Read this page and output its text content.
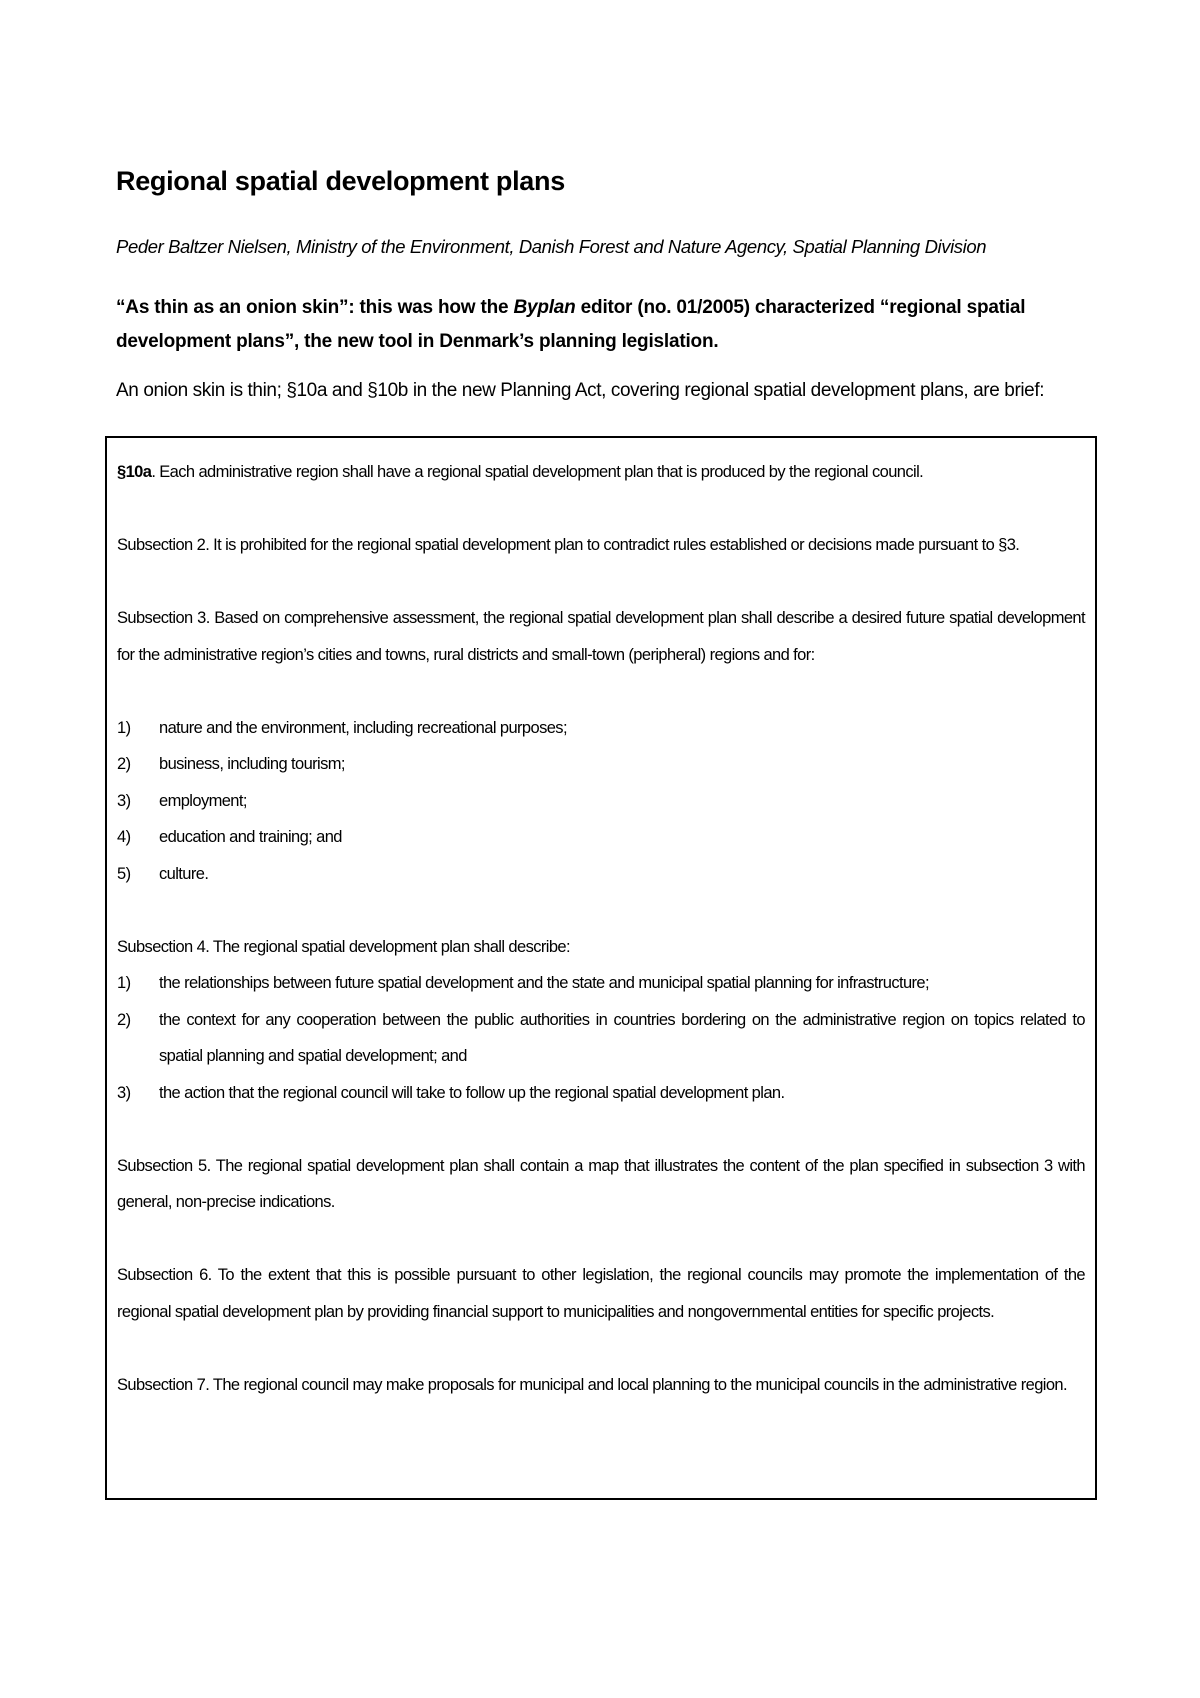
Regional spatial development plans

Peder Baltzer Nielsen, Ministry of the Environment, Danish Forest and Nature Agency, Spatial Planning Division

“As thin as an onion skin”: this was how the Byplan editor (no. 01/2005) characterized “regional spatial development plans”, the new tool in Denmark’s planning legislation.

An onion skin is thin; §10a and §10b in the new Planning Act, covering regional spatial development plans, are brief:

§10a. Each administrative region shall have a regional spatial development plan that is produced by the regional council.

Subsection 2. It is prohibited for the regional spatial development plan to contradict rules established or decisions made pursuant to §3.

Subsection 3. Based on comprehensive assessment, the regional spatial development plan shall describe a desired future spatial development for the administrative region’s cities and towns, rural districts and small-town (peripheral) regions and for:

1)	nature and the environment, including recreational purposes;
2)	business, including tourism;
3)	employment;
4)	education and training; and
5)	culture.

Subsection 4. The regional spatial development plan shall describe:

1)	the relationships between future spatial development and the state and municipal spatial planning for infrastructure;
2)	the context for any cooperation between the public authorities in countries bordering on the administrative region on topics related to spatial planning and spatial development; and
3)	the action that the regional council will take to follow up the regional spatial development plan.

Subsection 5. The regional spatial development plan shall contain a map that illustrates the content of the plan specified in subsection 3 with general, non-precise indications.

Subsection 6. To the extent that this is possible pursuant to other legislation, the regional councils may promote the implementation of the regional spatial development plan by providing financial support to municipalities and nongovernmental entities for specific projects.

Subsection 7. The regional council may make proposals for municipal and local planning to the municipal councils in the administrative region.
